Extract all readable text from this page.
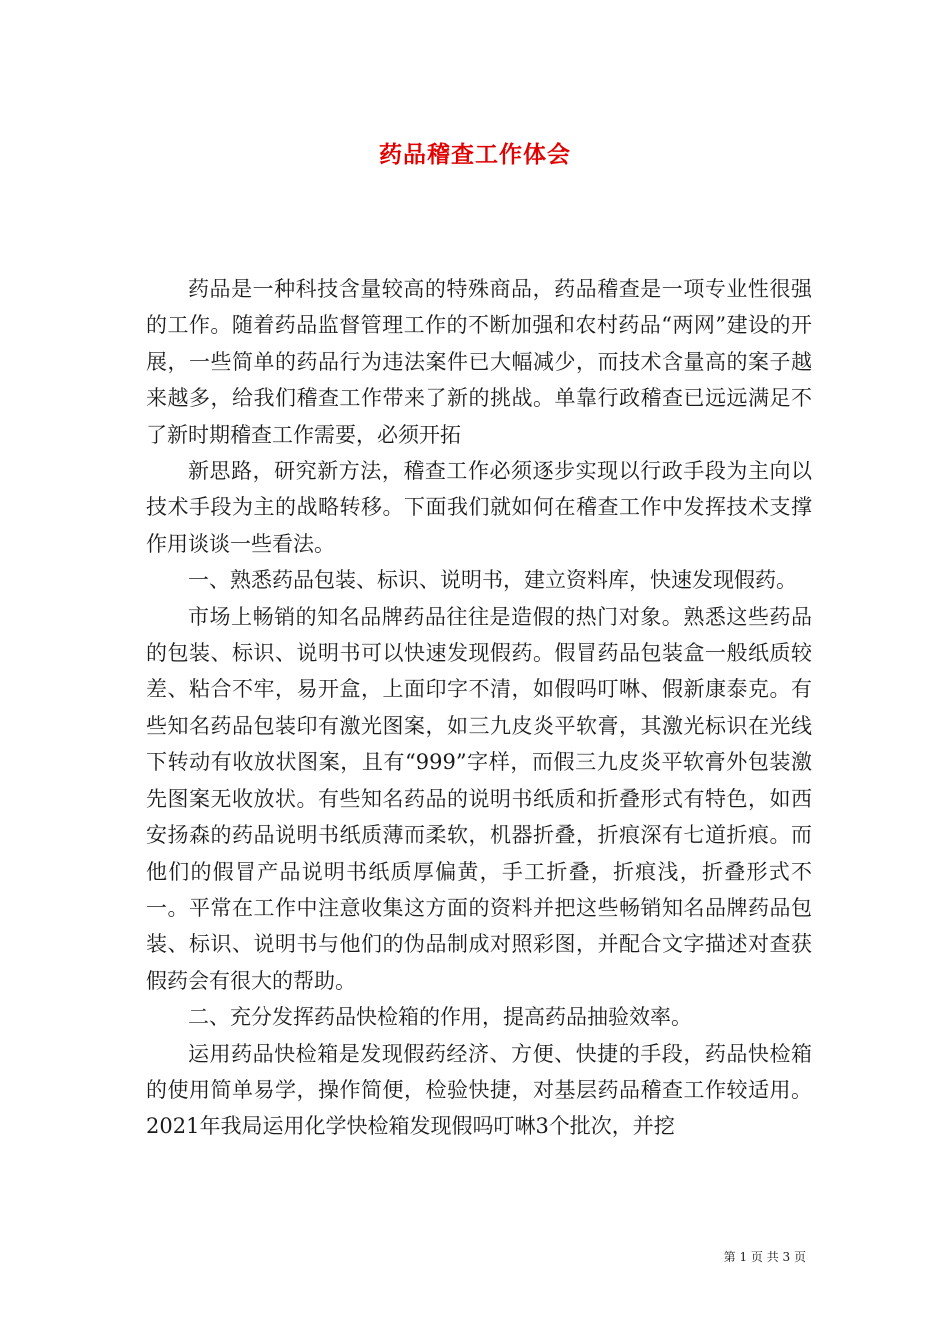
药品稽查工作体会

药品是一种科技含量较高的特殊商品，药品稽查是一项专业性很强的工作。随着药品监督管理工作的不断加强和农村药品“两网”建设的开展，一些简单的药品行为违法案件已大幅减少，而技术含量高的案子越来越多，给我们稽查工作带来了新的挑战。单靠行政稽查已远远满足不了新时期稽查工作需要，必须开拓

新思路，研究新方法，稽查工作必须逐步实现以行政手段为主向以技术手段为主的战略转移。下面我们就如何在稽查工作中发挥技术支撑作用谈谈一些看法。

一、熟悉药品包装、标识、说明书，建立资料库，快速发现假药。

市场上畅销的知名品牌药品往往是造假的热门对象。熟悉这些药品的包装、标识、说明书可以快速发现假药。假冒药品包装盒一般纸质较差、粘合不牢，易开盒，上面印字不清，如假吗叮啉、假新康泰克。有些知名药品包装印有激光图案，如三九皮炎平软膏，其激光标识在光线下转动有收放状图案，且有“999”字样，而假三九皮炎平软膏外包装激先图案无收放状。有些知名药品的说明书纸质和折叠形式有特色，如西安扬森的药品说明书纸质薄而柔软，机器折叠，折痕深有七道折痕。而他们的假冒产品说明书纸质厚偏黄，手工折叠，折痕浅，折叠形式不一。平常在工作中注意收集这方面的资料并把这些畅销知名品牌药品包装、标识、说明书与他们的伪品制成对照彩图，并配合文字描述对查获假药会有很大的帮助。

二、充分发挥药品快检箱的作用，提高药品抽验效率。

运用药品快检箱是发现假药经济、方便、快捷的手段，药品快检箱的使用简单易学，操作简便，检验快捷，对基层药品稽查工作较适用。2021年我局运用化学快检箱发现假吗叮啉3个批次，并挖

第 1 页 共 3 页
